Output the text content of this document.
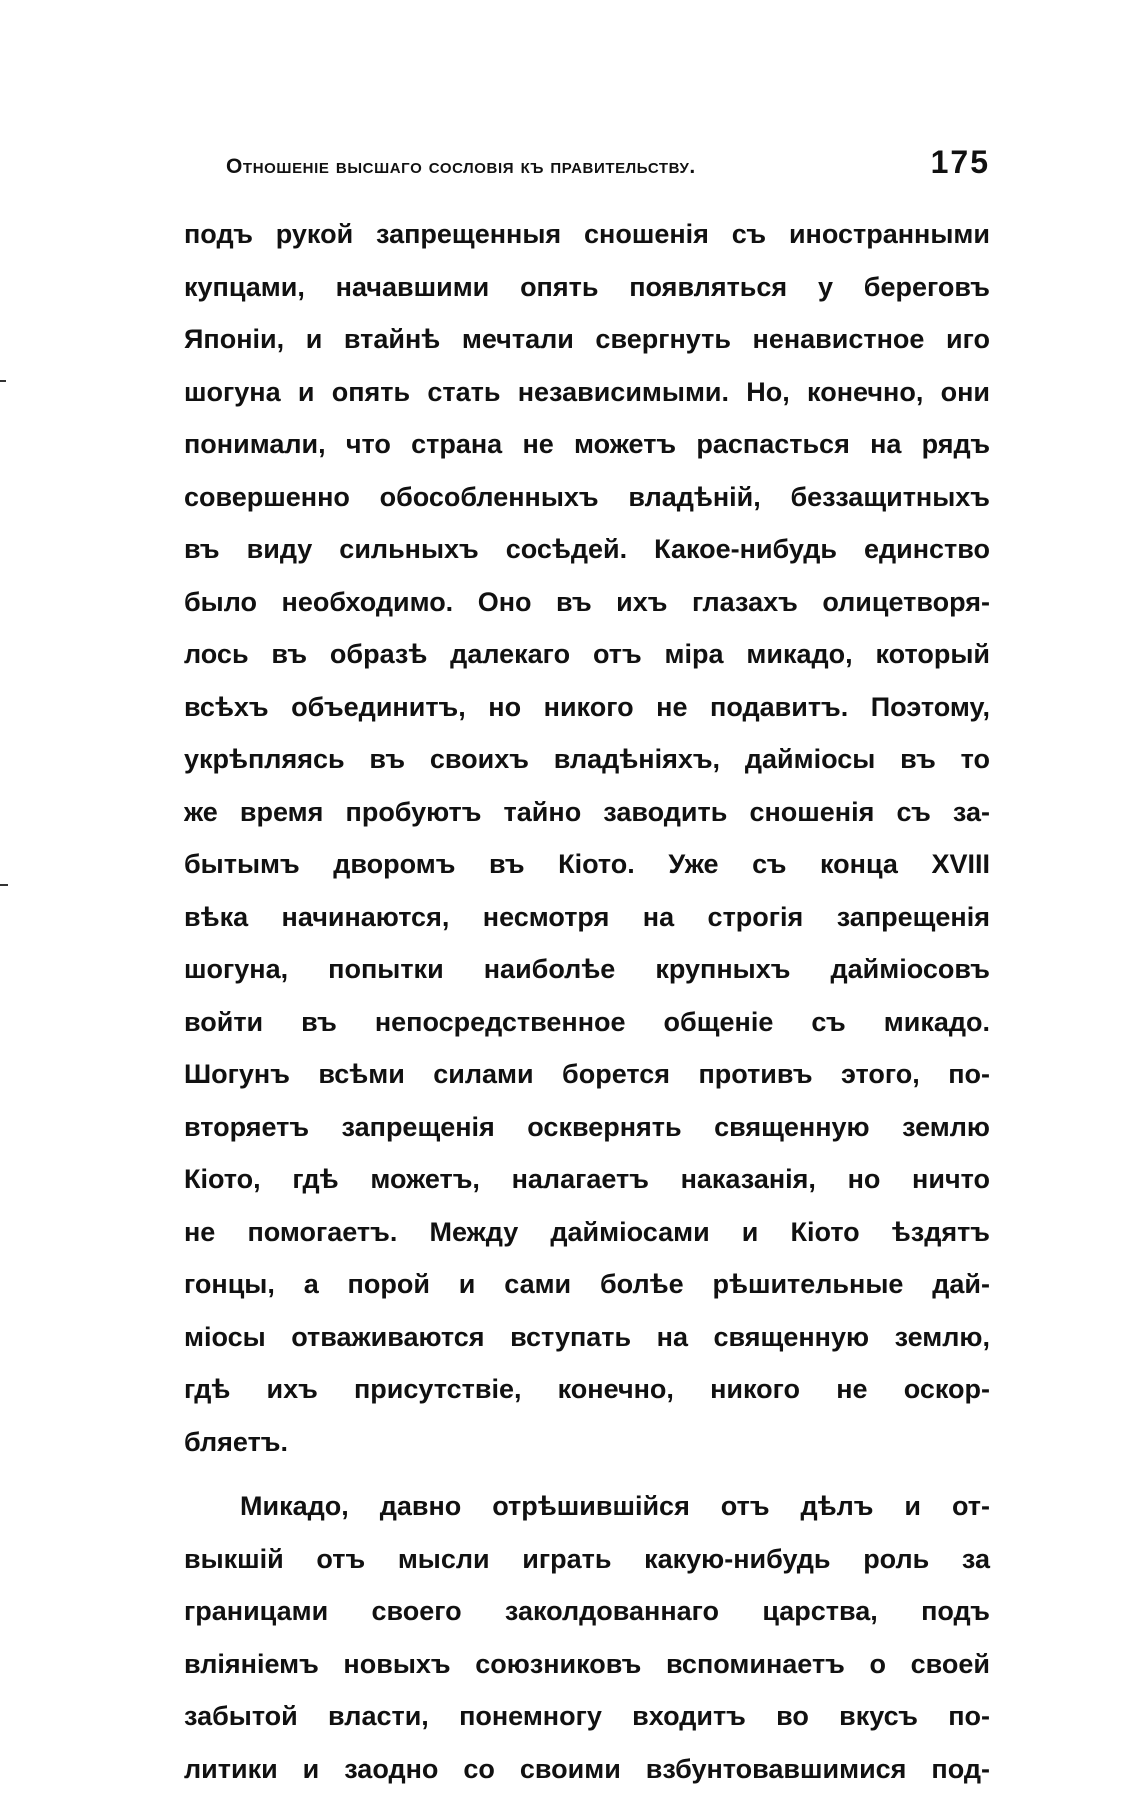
Отношеніе высшаго сословія къ правительству.	175
подъ рукой запрещенныя сношенія съ иностранными
купцами, начавшими опять появляться у береговъ
Японіи, и втайнѣ мечтали свергнуть ненавистное иго
шогуна и опять стать независимыми. Но, конечно, они
понимали, что страна не можетъ распасться на рядъ
совершенно обособленныхъ владѣній, беззащитныхъ
въ виду сильныхъ сосѣдей. Какое-нибудь единство
было необходимо. Оно въ ихъ глазахъ олицетворя-
лось въ образѣ далекаго отъ міра микадо, который
всѣхъ объединитъ, но никого не подавитъ. Поэтому,
укрѣпляясь въ своихъ владѣніяхъ, дайміосы въ то
же время пробуютъ тайно заводить сношенія съ за-
бытымъ дворомъ въ Кіото. Уже съ конца XVIII
вѣка начинаются, несмотря на строгія запрещенія
шогуна, попытки наиболѣе крупныхъ дайміосовъ
войти въ непосредственное общеніе съ микадо.
Шогунъ всѣми силами борется противъ этого, по-
вторяетъ запрещенія осквернять священную землю
Кіото, гдѣ можетъ, налагаетъ наказанія, но ничто
не помогаетъ. Между дайміосами и Кіото ѣздятъ
гонцы, а порой и сами болѣе рѣшительные дай-
міосы отваживаются вступать на священную землю,
гдѣ ихъ присутствіе, конечно, никого не оскор-
бляетъ.
Микадо, давно отрѣшившійся отъ дѣлъ и от-
выкшій отъ мысли играть какую-нибудь роль за
границами своего заколдованнаго царства, подъ
вліяніемъ новыхъ союзниковъ вспоминаетъ о своей
забытой власти, понемногу входитъ во вкусъ по-
литики и заодно со своими взбунтовавшимися под-
